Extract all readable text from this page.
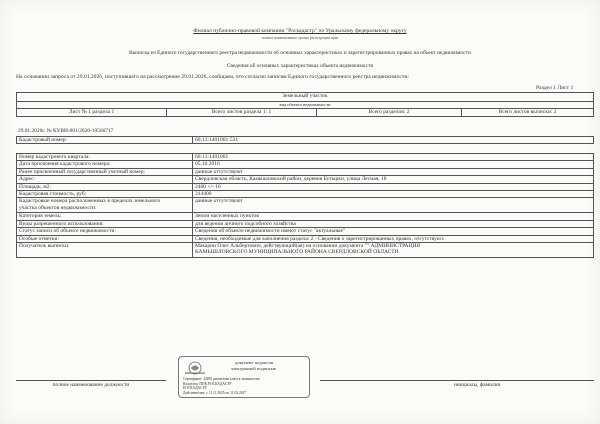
Филиал публично-правовой компании "Роскадастр" по Уральскому федеральному округу
полное наименование органа регистрации прав
Выписка из Единого государственного реестра недвижимости об основных характеристиках и зарегистрированных правах на объект недвижимости
Сведения об основных характеристиках объекта недвижимости
На основании запроса от 29.01.2026, поступившего на рассмотрение 29.01.2026, сообщаем, что согласно записям Единого государственного реестра недвижимости:
Раздел 1 Лист 1
Земельный участок
вид объекта недвижимости
Лист № 1 раздела 1	Всего листов раздела 1: 1	Всего разделов: 2	Всего листов выписки: 2
29.01.2026г. № КУВИ-001/2026-10566717
Кадастровый номер:	66:13:1401001:531
Номер кадастрового квартала:	66:13:1401001
Дата присвоения кадастрового номера:	05.10.2016
Ранее присвоенный государственный учетный номер:	данные отсутствуют
Адрес:	Свердловская область, Камышловский район, деревня Бутырки, улица Лесная, 18
Площадь, м2:	2400 +/- 16
Кадастровая стоимость, руб:	314400

Кадастровые номера расположенных в пределах земельного
участка объектов недвижимости:	данные отсутствуют
Категория земель:	Земли населенных пунктов
Виды разрешенного использования:	для ведения личного подсобного хозяйства
Статус записи об объекте недвижимости:	Сведения об объекте недвижимости имеют статус "актуальные"
Особые отметки:	Сведения, необходимые для заполнения раздела: 2 - Сведения о зарегистрированных правах, отсутствуют.
Получатель выписки:	Макарин Олег Альбертович, действующий(ая) на основании документа "" АДМИНИСТРАЦИЯ
КАМЫШЛОВСКОГО МУНИЦИПАЛЬНОГО РАЙОНА СВЕРДЛОВСКОЙ ОБЛАСТИ
полное наименование должности	инициалы, фамилия
документ подписан
электронной подписью
Сертификат: 42893 ремонтова ключ к заменителю
Владелец: ППК РОСКАДАСТР
РОСКАДАСТР
Действителен: с 11.11.2025 по 11.02.2027
